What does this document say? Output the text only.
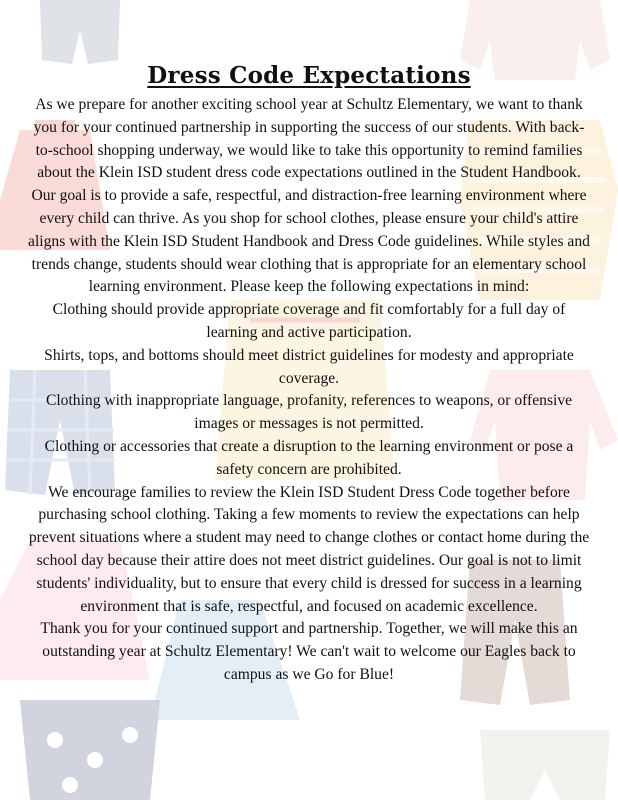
Dress Code Expectations

As we prepare for another exciting school year at Schultz Elementary, we want to thank you for your continued partnership in supporting the success of our students. With back-to-school shopping underway, we would like to take this opportunity to remind families about the Klein ISD student dress code expectations outlined in the Student Handbook. Our goal is to provide a safe, respectful, and distraction-free learning environment where every child can thrive. As you shop for school clothes, please ensure your child's attire aligns with the Klein ISD Student Handbook and Dress Code guidelines. While styles and trends change, students should wear clothing that is appropriate for an elementary school learning environment. Please keep the following expectations in mind:

Clothing should provide appropriate coverage and fit comfortably for a full day of learning and active participation.

Shirts, tops, and bottoms should meet district guidelines for modesty and appropriate coverage.

Clothing with inappropriate language, profanity, references to weapons, or offensive images or messages is not permitted.

Clothing or accessories that create a disruption to the learning environment or pose a safety concern are prohibited.

We encourage families to review the Klein ISD Student Dress Code together before purchasing school clothing. Taking a few moments to review the expectations can help prevent situations where a student may need to change clothes or contact home during the school day because their attire does not meet district guidelines. Our goal is not to limit students' individuality, but to ensure that every child is dressed for success in a learning environment that is safe, respectful, and focused on academic excellence.

Thank you for your continued support and partnership. Together, we will make this an outstanding year at Schultz Elementary! We can't wait to welcome our Eagles back to campus as we Go for Blue!
